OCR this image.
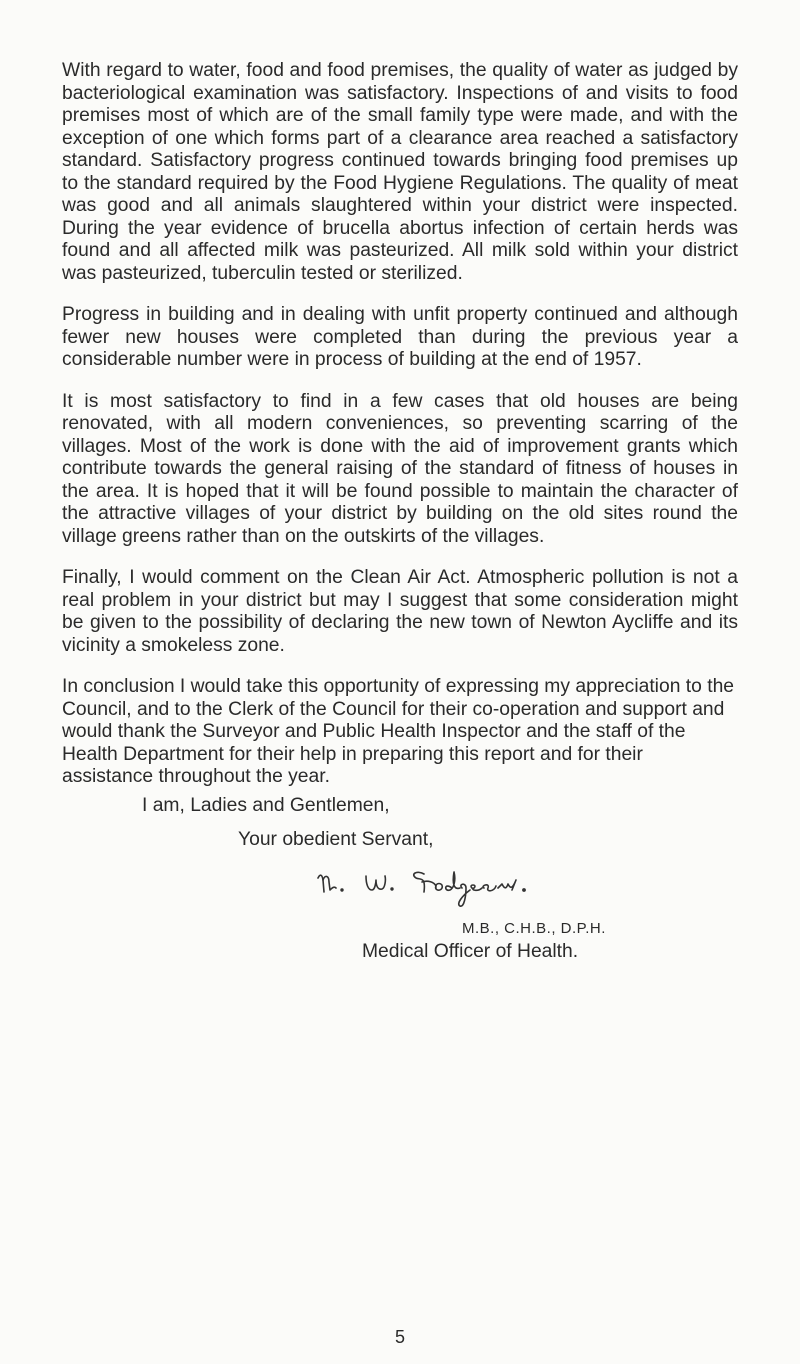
With regard to water, food and food premises, the quality of water as judged by bacteriological examination was satisfactory. Inspections of and visits to food premises most of which are of the small family type were made, and with the exception of one which forms part of a clearance area reached a satisfactory standard. Satisfactory progress continued towards bringing food premises up to the standard required by the Food Hygiene Regulations. The quality of meat was good and all animals slaughtered within your district were inspected. During the year evidence of brucella abortus infection of certain herds was found and all affected milk was pasteurized. All milk sold within your district was pasteurized, tuberculin tested or sterilized.

Progress in building and in dealing with unfit property continued and although fewer new houses were completed than during the previous year a considerable number were in process of building at the end of 1957.

It is most satisfactory to find in a few cases that old houses are being renovated, with all modern conveniences, so preventing scarring of the villages. Most of the work is done with the aid of improvement grants which contribute towards the general raising of the standard of fitness of houses in the area. It is hoped that it will be found possible to maintain the character of the attractive villages of your district by building on the old sites round the village greens rather than on the outskirts of the villages.

Finally, I would comment on the Clean Air Act. Atmospheric pollution is not a real problem in your district but may I suggest that some consideration might be given to the possibility of declaring the new town of Newton Aycliffe and its vicinity a smokeless zone.

In conclusion I would take this opportunity of expressing my appreciation to the Council, and to the Clerk of the Council for their co-operation and support and would thank the Surveyor and Public Health Inspector and the staff of the Health Department for their help in preparing this report and for their assistance throughout the year.

I am, Ladies and Gentlemen,
Your obedient Servant,
M.B., C.H.B., D.P.H.
Medical Officer of Health.
5
